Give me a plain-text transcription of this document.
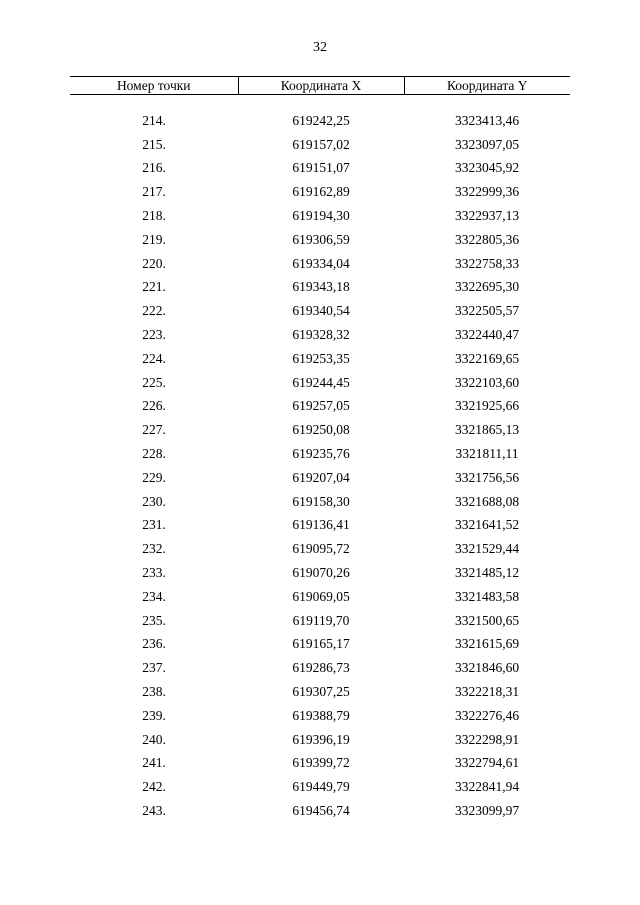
32
Номер точки	Координата X	Координата Y
214.	619242,25	3323413,46
215.	619157,02	3323097,05
216.	619151,07	3323045,92
217.	619162,89	3322999,36
218.	619194,30	3322937,13
219.	619306,59	3322805,36
220.	619334,04	3322758,33
221.	619343,18	3322695,30
222.	619340,54	3322505,57
223.	619328,32	3322440,47
224.	619253,35	3322169,65
225.	619244,45	3322103,60
226.	619257,05	3321925,66
227.	619250,08	3321865,13
228.	619235,76	3321811,11
229.	619207,04	3321756,56
230.	619158,30	3321688,08
231.	619136,41	3321641,52
232.	619095,72	3321529,44
233.	619070,26	3321485,12
234.	619069,05	3321483,58
235.	619119,70	3321500,65
236.	619165,17	3321615,69
237.	619286,73	3321846,60
238.	619307,25	3322218,31
239.	619388,79	3322276,46
240.	619396,19	3322298,91
241.	619399,72	3322794,61
242.	619449,79	3322841,94
243.	619456,74	3323099,97
